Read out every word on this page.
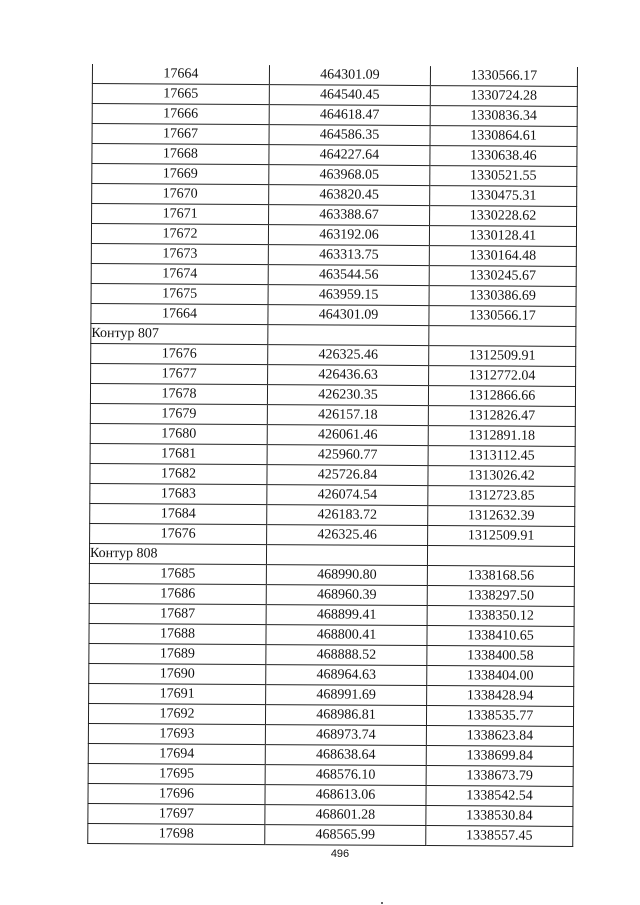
17664	464301.09	1330566.17
17665	464540.45	1330724.28
17666	464618.47	1330836.34
17667	464586.35	1330864.61
17668	464227.64	1330638.46
17669	463968.05	1330521.55
17670	463820.45	1330475.31
17671	463388.67	1330228.62
17672	463192.06	1330128.41
17673	463313.75	1330164.48
17674	463544.56	1330245.67
17675	463959.15	1330386.69
17664	464301.09	1330566.17
Контур 807		
17676	426325.46	1312509.91
17677	426436.63	1312772.04
17678	426230.35	1312866.66
17679	426157.18	1312826.47
17680	426061.46	1312891.18
17681	425960.77	1313112.45
17682	425726.84	1313026.42
17683	426074.54	1312723.85
17684	426183.72	1312632.39
17676	426325.46	1312509.91
Контур 808		
17685	468990.80	1338168.56
17686	468960.39	1338297.50
17687	468899.41	1338350.12
17688	468800.41	1338410.65
17689	468888.52	1338400.58
17690	468964.63	1338404.00
17691	468991.69	1338428.94
17692	468986.81	1338535.77
17693	468973.74	1338623.84
17694	468638.64	1338699.84
17695	468576.10	1338673.79
17696	468613.06	1338542.54
17697	468601.28	1338530.84
17698	468565.99	1338557.45
496
